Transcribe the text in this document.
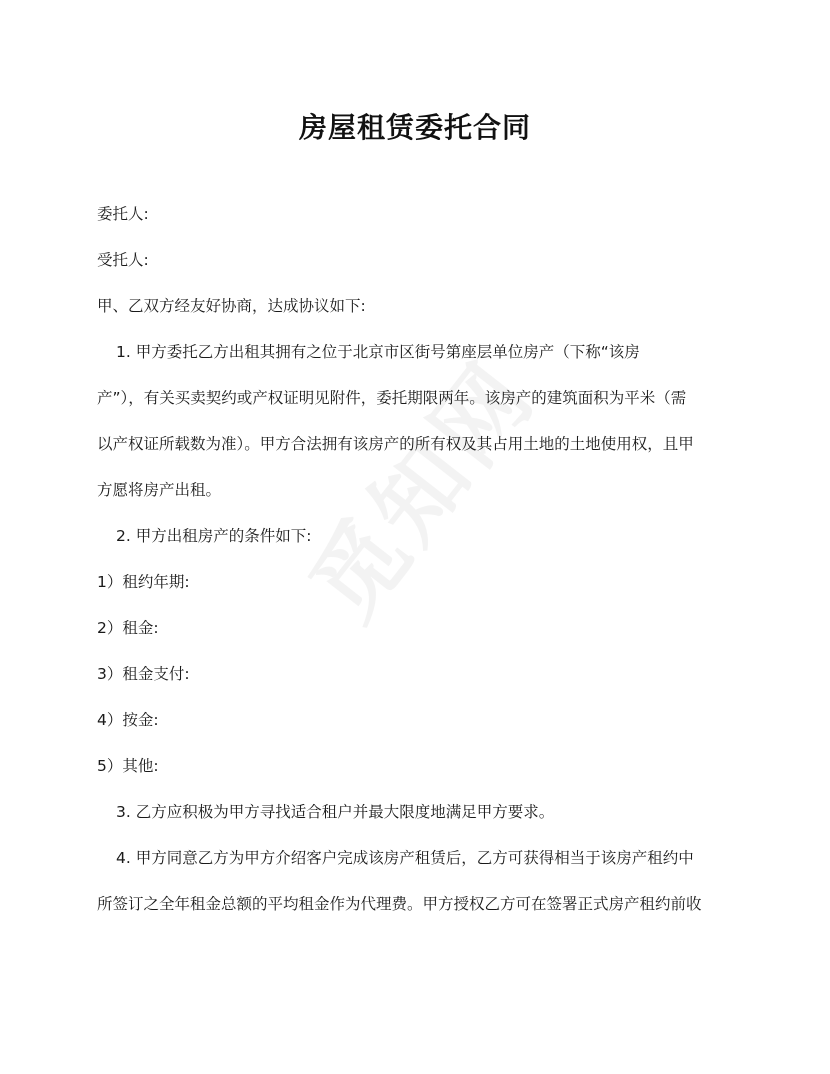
房屋租赁委托合同
委托人:
受托人:
甲、乙双方经友好协商，达成协议如下:
1. 甲方委托乙方出租其拥有之位于北京市区街号第座层单位房产（下称“该房
产”），有关买卖契约或产权证明见附件，委托期限两年。该房产的建筑面积为平米（需
以产权证所载数为准）。甲方合法拥有该房产的所有权及其占用土地的土地使用权，且甲
方愿将房产出租。
2. 甲方出租房产的条件如下:
1）租约年期:
2）租金:
3）租金支付:
4）按金:
5）其他:
3. 乙方应积极为甲方寻找适合租户并最大限度地满足甲方要求。
4. 甲方同意乙方为甲方介绍客户完成该房产租赁后，乙方可获得相当于该房产租约中
所签订之全年租金总额的平均租金作为代理费。甲方授权乙方可在签署正式房产租约前收
